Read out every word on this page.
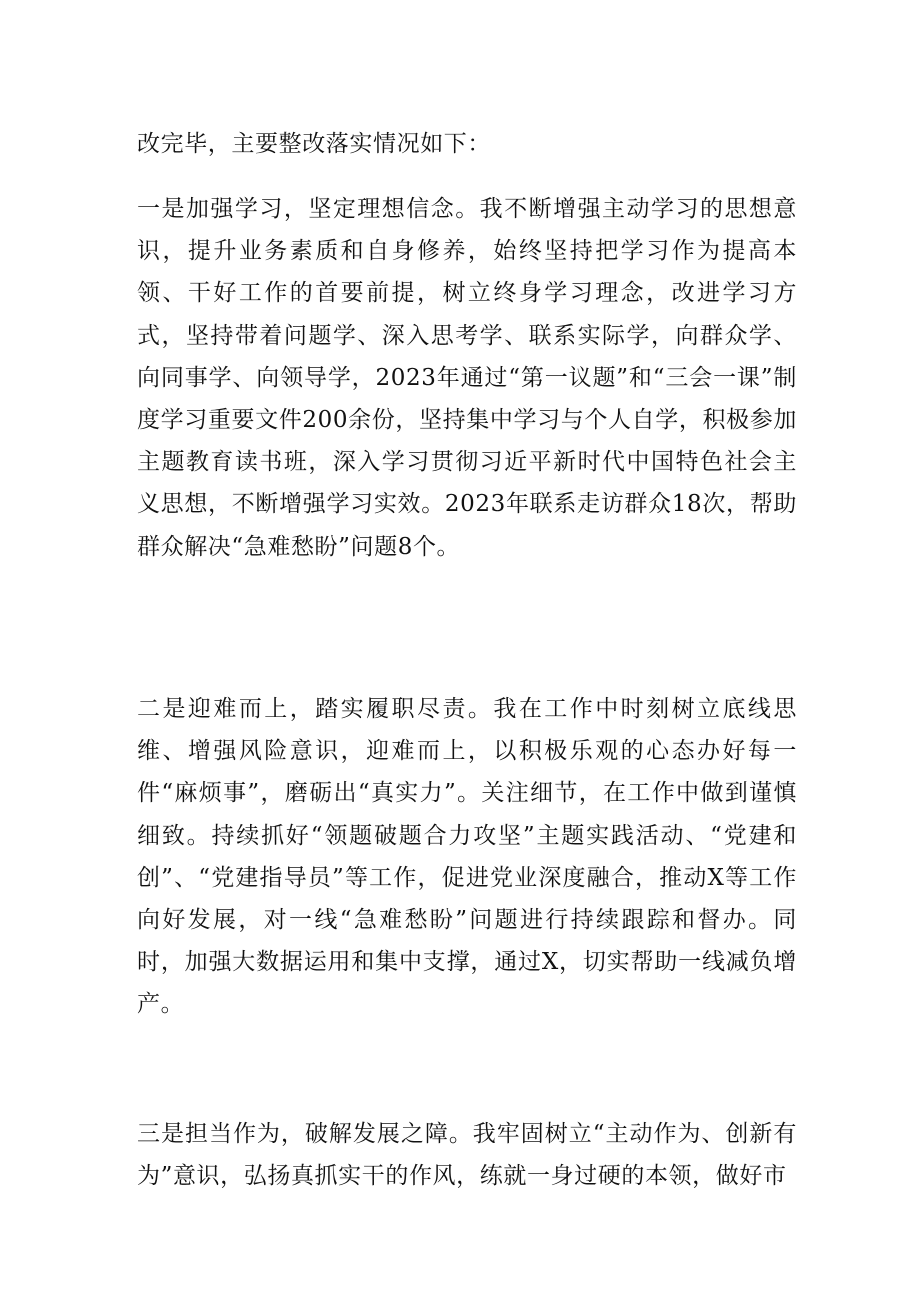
改完毕，主要整改落实情况如下：

一是加强学习，坚定理想信念。我不断增强主动学习的思想意识，提升业务素质和自身修养，始终坚持把学习作为提高本领、干好工作的首要前提，树立终身学习理念，改进学习方式，坚持带着问题学、深入思考学、联系实际学，向群众学、向同事学、向领导学，2023年通过“第一议题”和“三会一课”制度学习重要文件200余份，坚持集中学习与个人自学，积极参加主题教育读书班，深入学习贯彻习近平新时代中国特色社会主义思想，不断增强学习实效。2023年联系走访群众18次，帮助群众解决“急难愁盼”问题8个。

二是迎难而上，踏实履职尽责。我在工作中时刻树立底线思维、增强风险意识，迎难而上，以积极乐观的心态办好每一件“麻烦事”，磨砺出“真实力”。关注细节，在工作中做到谨慎细致。持续抓好“领题破题合力攻坚”主题实践活动、“党建和创”、“党建指导员”等工作，促进党业深度融合，推动X等工作向好发展，对一线“急难愁盼”问题进行持续跟踪和督办。同时，加强大数据运用和集中支撑，通过X，切实帮助一线减负增产。

三是担当作为，破解发展之障。我牢固树立“主动作为、创新有为”意识，弘扬真抓实干的作风，练就一身过硬的本领，做好市
